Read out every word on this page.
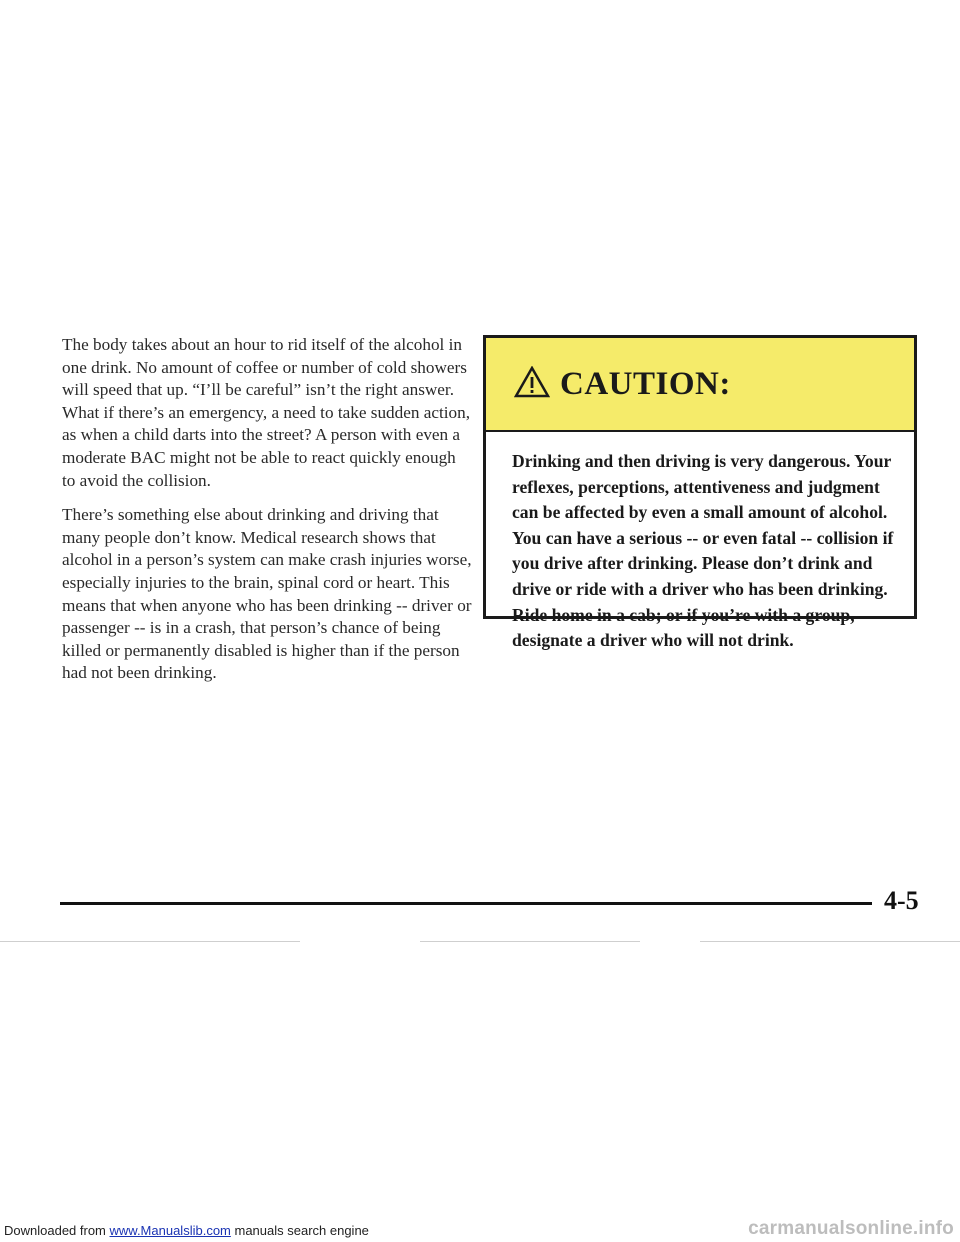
The body takes about an hour to rid itself of the alcohol in one drink. No amount of coffee or number of cold showers will speed that up. “I’ll be careful” isn’t the right answer. What if there’s an emergency, a need to take sudden action, as when a child darts into the street? A person with even a moderate BAC might not be able to react quickly enough to avoid the collision.

There’s something else about drinking and driving that many people don’t know. Medical research shows that alcohol in a person’s system can make crash injuries worse, especially injuries to the brain, spinal cord or heart. This means that when anyone who has been drinking -- driver or passenger -- is in a crash, that person’s chance of being killed or permanently disabled is higher than if the person had not been drinking.

CAUTION:
Drinking and then driving is very dangerous. Your reflexes, perceptions, attentiveness and judgment can be affected by even a small amount of alcohol. You can have a serious -- or even fatal -- collision if you drive after drinking. Please don’t drink and drive or ride with a driver who has been drinking. Ride home in a cab; or if you’re with a group, designate a driver who will not drink.
4-5
Downloaded from www.Manualslib.com manuals search engine	carmanualsonline.info
